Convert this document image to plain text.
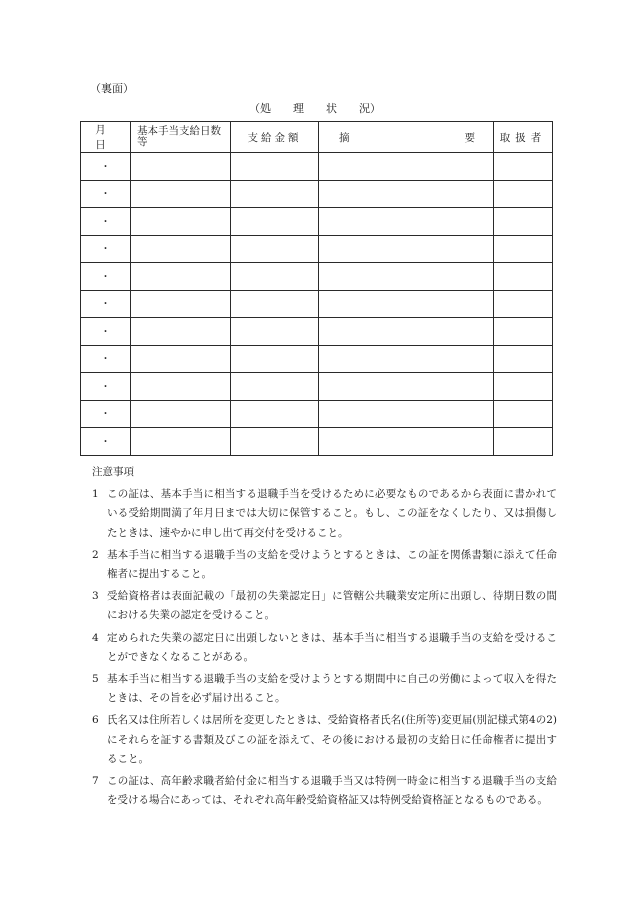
（裏面）
（処 理 状 況）
月　日	基本手当支給日数等	支給金額	摘 要	取扱者
・				
・				
・				
・				
・				
・				
・				
・				
・				
・				
・				
注意事項
1 この証は、基本手当に相当する退職手当を受けるために必要なものであるから表面に書かれている受給期間満了年月日までは大切に保管すること。もし、この証をなくしたり、又は損傷したときは、速やかに申し出て再交付を受けること。
2 基本手当に相当する退職手当の支給を受けようとするときは、この証を関係書類に添えて任命権者に提出すること。
3 受給資格者は表面記載の「最初の失業認定日」に管轄公共職業安定所に出頭し、待期日数の間における失業の認定を受けること。
4 定められた失業の認定日に出頭しないときは、基本手当に相当する退職手当の支給を受けることができなくなることがある。
5 基本手当に相当する退職手当の支給を受けようとする期間中に自己の労働によって収入を得たときは、その旨を必ず届け出ること。
6 氏名又は住所若しくは居所を変更したときは、受給資格者氏名(住所等)変更届(別記様式第4の2)にそれらを証する書類及びこの証を添えて、その後における最初の支給日に任命権者に提出すること。
7 この証は、高年齢求職者給付金に相当する退職手当又は特例一時金に相当する退職手当の支給を受ける場合にあっては、それぞれ高年齢受給資格証又は特例受給資格証となるものである。
